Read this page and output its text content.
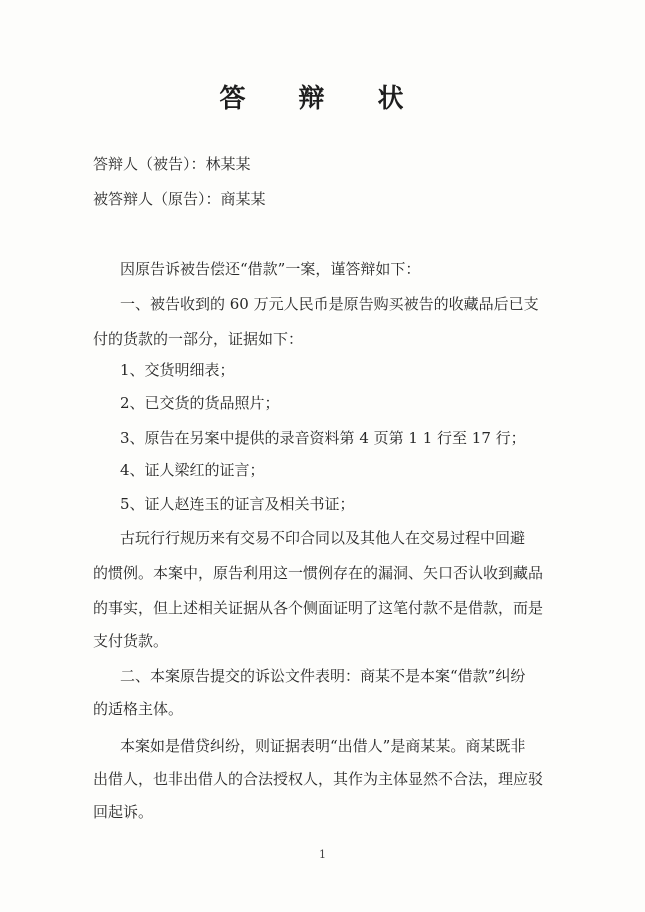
答 辩 状
答辩人（被告）：林某某
被答辩人（原告）：商某某
因原告诉被告偿还“借款”一案，谨答辩如下：
一、被告收到的 60 万元人民币是原告购买被告的收藏品后已支
付的货款的一部分，证据如下：
1、交货明细表；
2、已交货的货品照片；
3、原告在另案中提供的录音资料第 4 页第 1 1 行至 17 行；
4、证人梁红的证言；
5、证人赵连玉的证言及相关书证；
古玩行行规历来有交易不印合同以及其他人在交易过程中回避
的惯例。本案中，原告利用这一惯例存在的漏洞、矢口否认收到藏品
的事实，但上述相关证据从各个侧面证明了这笔付款不是借款，而是
支付货款。
二、本案原告提交的诉讼文件表明：商某不是本案“借款”纠纷
的适格主体。
本案如是借贷纠纷，则证据表明“出借人”是商某某。商某既非
出借人，也非出借人的合法授权人，其作为主体显然不合法，理应驳
回起诉。
1
